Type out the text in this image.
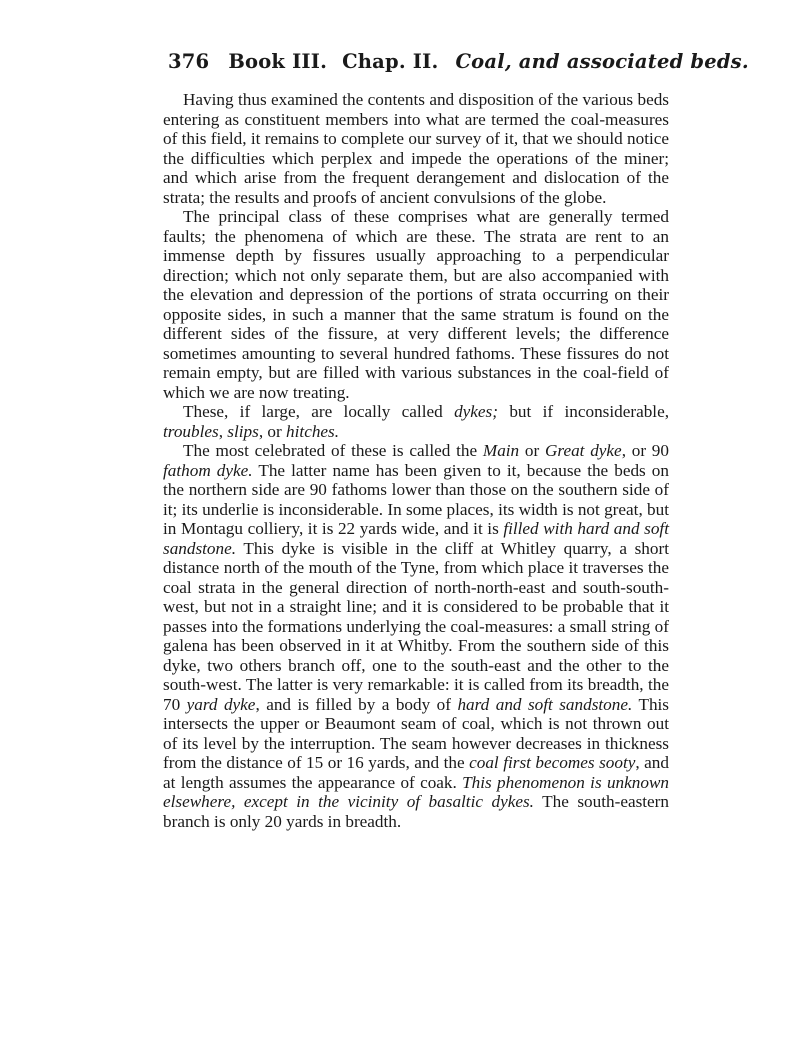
376 Book III. Chap. II. Coal, and associated beds.

Having thus examined the contents and disposition of the various beds entering as constituent members into what are termed the coal-measures of this field, it remains to complete our survey of it, that we should notice the difficulties which perplex and impede the operations of the miner; and which arise from the frequent derangement and dislocation of the strata; the results and proofs of ancient convulsions of the globe.

The principal class of these comprises what are generally termed faults; the phenomena of which are these. The strata are rent to an immense depth by fissures usually approaching to a perpendicular direction; which not only separate them, but are also accompanied with the elevation and depression of the portions of strata occurring on their opposite sides, in such a manner that the same stratum is found on the different sides of the fissure, at very different levels; the difference sometimes amounting to several hundred fathoms. These fissures do not remain empty, but are filled with various substances in the coal-field of which we are now treating.

These, if large, are locally called dykes; but if inconsiderable, troubles, slips, or hitches.

The most celebrated of these is called the Main or Great dyke, or 90 fathom dyke. The latter name has been given to it, because the beds on the northern side are 90 fathoms lower than those on the southern side of it; its underlie is inconsiderable. In some places, its width is not great, but in Montagu colliery, it is 22 yards wide, and it is filled with hard and soft sandstone. This dyke is visible in the cliff at Whitley quarry, a short distance north of the mouth of the Tyne, from which place it traverses the coal strata in the general direction of north-north-east and south-south-west, but not in a straight line; and it is considered to be probable that it passes into the formations underlying the coal-measures: a small string of galena has been observed in it at Whitby. From the southern side of this dyke, two others branch off, one to the south-east and the other to the south-west. The latter is very remarkable: it is called from its breadth, the 70 yard dyke, and is filled by a body of hard and soft sandstone. This intersects the upper or Beaumont seam of coal, which is not thrown out of its level by the interruption. The seam however decreases in thickness from the distance of 15 or 16 yards, and the coal first becomes sooty, and at length assumes the appearance of coak. This phenomenon is unknown elsewhere, except in the vicinity of basaltic dykes. The south-eastern branch is only 20 yards in breadth.
